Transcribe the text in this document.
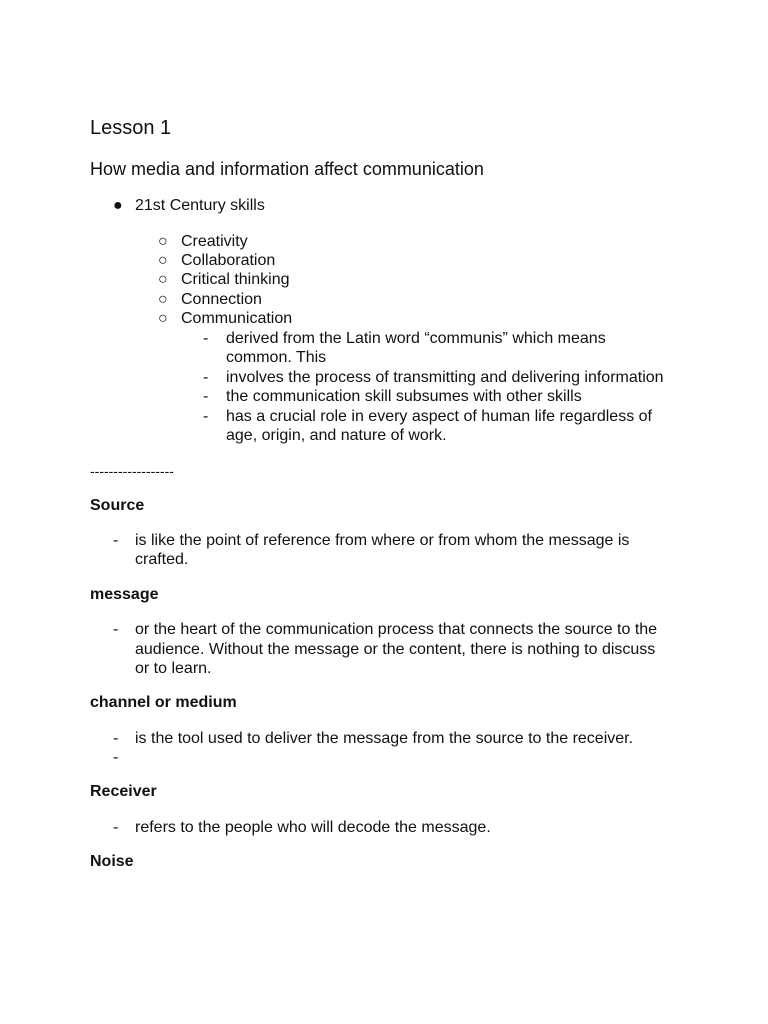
Lesson 1
How media and information affect communication
● 21st Century skills
○ Creativity
○ Collaboration
○ Critical thinking
○ Connection
○ Communication
- derived from the Latin word “communis” which means
common. This
- involves the process of transmitting and delivering information
- the communication skill subsumes with other skills
- has a crucial role in every aspect of human life regardless of
age, origin, and nature of work.
------------------
Source
- is like the point of reference from where or from whom the message is
crafted.
message
- or the heart of the communication process that connects the source to the
audience. Without the message or the content, there is nothing to discuss
or to learn.
channel or medium
- is the tool used to deliver the message from the source to the receiver.
-
Receiver
- refers to the people who will decode the message.
Noise
